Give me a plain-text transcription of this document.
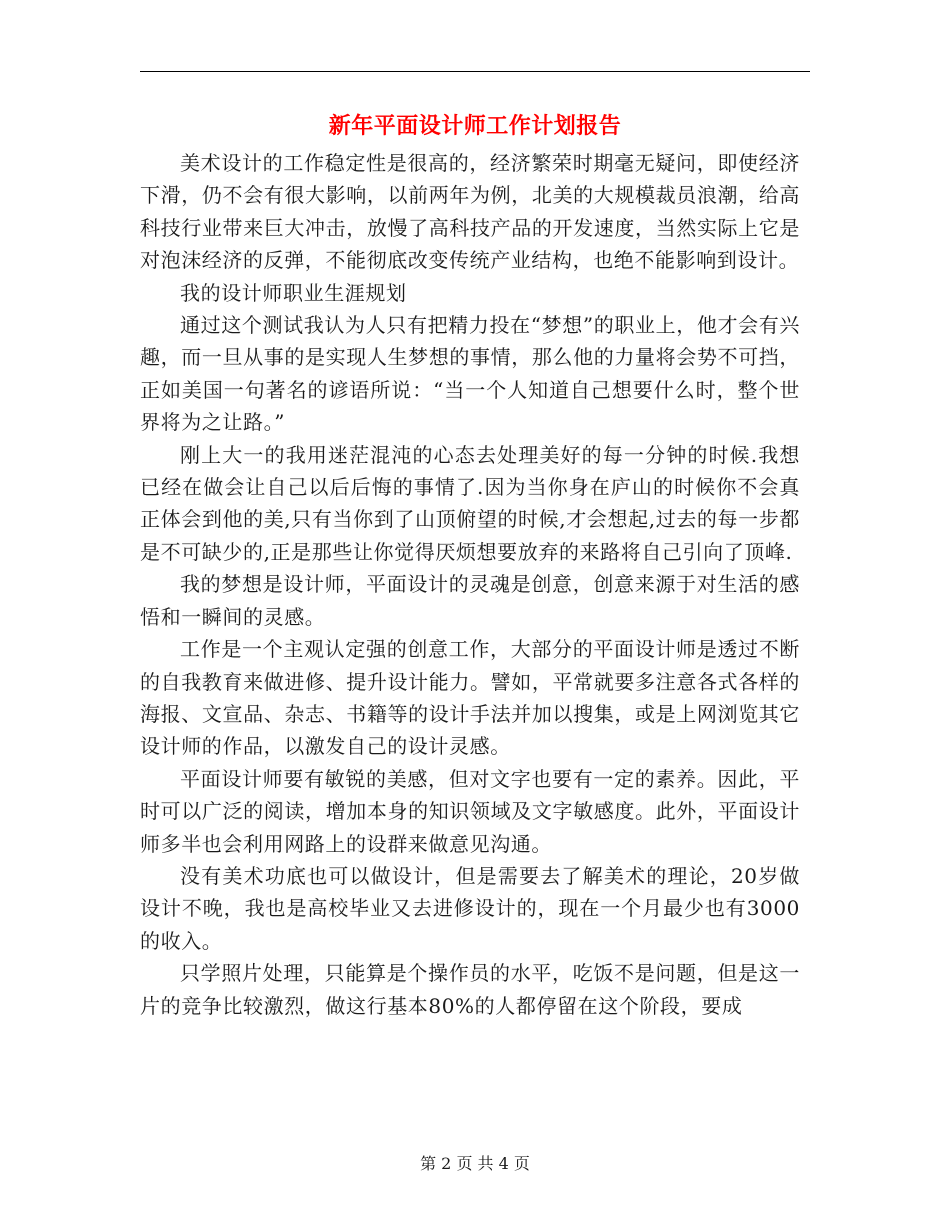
新年平面设计师工作计划报告

美术设计的工作稳定性是很高的，经济繁荣时期毫无疑问，即使经济下滑，仍不会有很大影响，以前两年为例，北美的大规模裁员浪潮，给高科技行业带来巨大冲击，放慢了高科技产品的开发速度，当然实际上它是对泡沫经济的反弹，不能彻底改变传统产业结构，也绝不能影响到设计。

我的设计师职业生涯规划

通过这个测试我认为人只有把精力投在“梦想”的职业上，他才会有兴趣，而一旦从事的是实现人生梦想的事情，那么他的力量将会势不可挡，正如美国一句著名的谚语所说：“当一个人知道自己想要什么时，整个世界将为之让路。”

刚上大一的我用迷茫混沌的心态去处理美好的每一分钟的时候.我想已经在做会让自己以后后悔的事情了.因为当你身在庐山的时候你不会真正体会到他的美,只有当你到了山顶俯望的时候,才会想起,过去的每一步都是不可缺少的,正是那些让你觉得厌烦想要放弃的来路将自己引向了顶峰.

我的梦想是设计师，平面设计的灵魂是创意，创意来源于对生活的感悟和一瞬间的灵感。

工作是一个主观认定强的创意工作，大部分的平面设计师是透过不断的自我教育来做进修、提升设计能力。譬如，平常就要多注意各式各样的海报、文宣品、杂志、书籍等的设计手法并加以搜集，或是上网浏览其它设计师的作品，以激发自己的设计灵感。

平面设计师要有敏锐的美感，但对文字也要有一定的素养。因此，平时可以广泛的阅读，增加本身的知识领域及文字敏感度。此外，平面设计师多半也会利用网路上的设群来做意见沟通。

没有美术功底也可以做设计，但是需要去了解美术的理论，20岁做设计不晚，我也是高校毕业又去进修设计的，现在一个月最少也有3000的收入。

只学照片处理，只能算是个操作员的水平，吃饭不是问题，但是这一片的竞争比较激烈，做这行基本80%的人都停留在这个阶段，要成

第 2 页 共 4 页
